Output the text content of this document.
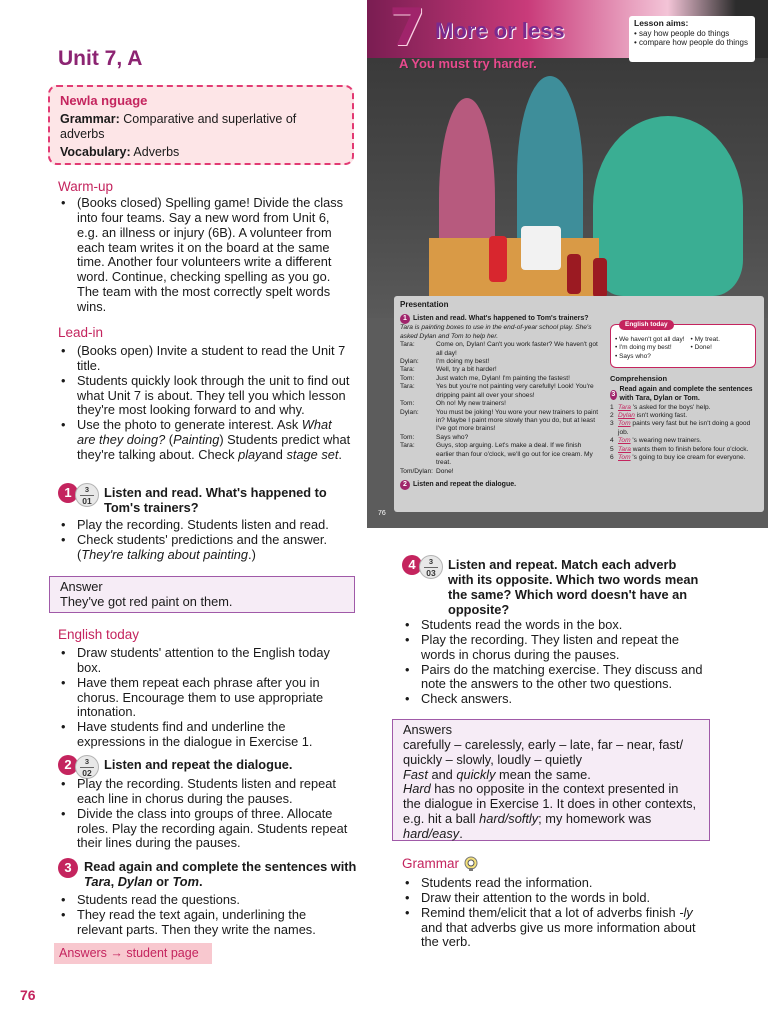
Unit 7, A
Newla nguage

Grammar: Comparative and superlative of adverbs

Vocabulary: Adverbs

Warm-up
• (Books closed) Spelling game! Divide the class into four teams. Say a new word from Unit 6, e.g. an illness or injury (6B). A volunteer from each team writes it on the board at the same time. Another four volunteers write a different word. Continue, checking spelling as you go. The team with the most correctly spelt words wins.
Lead-in
• (Books open) Invite a student to read the Unit 7 title.
• Students quickly look through the unit to find out what Unit 7 is about. They tell you which lesson they're most looking forward to and why.
• Use the photo to generate interest. Ask What are they doing? (Painting) Students predict what they're talking about. Check playand stage set.
1	3
01
Listen and read. What's happened to Tom's trainers?
• Play the recording. Students listen and read.
• Check students' predictions and the answer. (They're talking about painting.)
Answer
They've got red paint on them.
English today
• Draw students' attention to the English today box.
• Have them repeat each phrase after you in chorus. Encourage them to use appropriate intonation.
• Have students find and underline the expressions in the dialogue in Exercise 1.
2	3
02
Listen and repeat the dialogue.
• Play the recording. Students listen and repeat each line in chorus during the pauses.
• Divide the class into groups of three. Allocate roles. Play the recording again. Students repeat their lines during the pauses.
3 Read again and complete the sentences with Tara, Dylan or Tom.
• Students read the questions.
• They read the text again, underlining the relevant parts. Then they write the names.
Answers → student page
76
7 More or less
A You must try harder.
Lesson aims:
• say how people do things
• compare how people do things
Presentation
1 Listen and read. What's happened to Tom's trainers?
Tara is painting boxes to use in the end-of-year school play. She's asked Dylan and Tom to help her.
Tara:	Come on, Dylan! Can't you work faster? We haven't got all day!
Dylan:	I'm doing my best!
Tara:	Well, try a bit harder!
Tom:	Just watch me, Dylan! I'm painting the fastest!
Tara:	Yes but you're not painting very carefully! Look! You're dripping paint all over your shoes!
Tom:	Oh no! My new trainers!
Dylan:	You must be joking! You wore your new trainers to paint in? Maybe I paint more slowly than you do, but at least I've got more brains!
Tom:	Says who?
Tara:	Guys, stop arguing. Let's make a deal. If we finish earlier than four o'clock, we'll go out for ice cream. My treat.
Tom/Dylan: Done!
2 Listen and repeat the dialogue.
English today
• We haven't got all day!
• I'm doing my best!
• Says who?
• My treat.
• Done!
Comprehension
3
Read again and complete the sentences with Tara, Dylan or Tom.
1 Tara 's asked for the boys' help.
2 Dylan isn't working fast.
3 Tom paints very fast but he isn't doing a good job.
4 Tom 's wearing new trainers.
5 Tara wants them to finish before four o'clock.
6 Tom 's going to buy ice cream for everyone.
76
4	3
03
Listen and repeat. Match each adverb with its opposite. Which two words mean the same? Which word doesn't have an opposite?
• Students read the words in the box.
• Play the recording. They listen and repeat the words in chorus during the pauses.
• Pairs do the matching exercise. They discuss and note the answers to the other two questions.
• Check answers.
Answers
carefully – carelessly, early – late, far – near, fast/
quickly – slowly, loudly – quietly
Fast and quickly mean the same.
Hard has no opposite in the context presented in the dialogue in Exercise 1. It does in other contexts, e.g. hit a ball hard/softly; my homework was hard/easy.
Grammar
• Students read the information.
• Draw their attention to the words in bold.
• Remind them/elicit that a lot of adverbs finish -ly and that adverbs give us more information about the verb.
